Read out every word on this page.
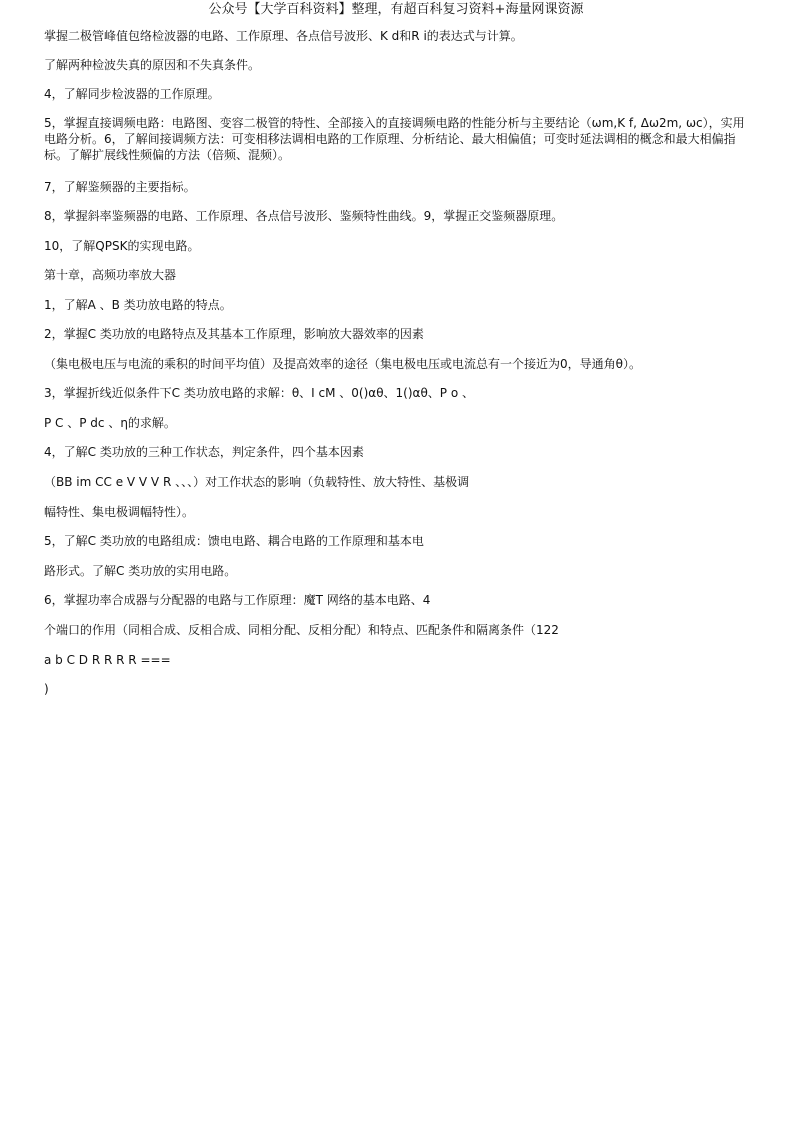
公众号【大学百科资料】整理，有超百科复习资料+海量网课资源
掌握二极管峰值包络检波器的电路、工作原理、各点信号波形、K d和R i的表达式与计算。
了解两种检波失真的原因和不失真条件。
4，了解同步检波器的工作原理。
5，掌握直接调频电路：电路图、变容二极管的特性、全部接入的直接调频电路的性能分析与主要结论（ωm,K f, Δω2m, ωc），实用电路分析。6，了解间接调频方法：可变相移法调相电路的工作原理、分析结论、最大相偏值；可变时延法调相的概念和最大相偏指标。了解扩展线性频偏的方法（倍频、混频）。
7，了解鉴频器的主要指标。
8，掌握斜率鉴频器的电路、工作原理、各点信号波形、鉴频特性曲线。9，掌握正交鉴频器原理。
10，了解QPSK的实现电路。
第十章，高频功率放大器
1，了解A 、B 类功放电路的特点。
2，掌握C 类功放的电路特点及其基本工作原理，影响放大器效率的因素
（集电极电压与电流的乘积的时间平均值）及提高效率的途径（集电极电压或电流总有一个接近为0，导通角θ）。
3，掌握折线近似条件下C 类功放电路的求解：θ、I cM 、0()αθ、1()αθ、P o 、
P C 、P dc 、η的求解。
4，了解C 类功放的三种工作状态，判定条件，四个基本因素
（BB im CC e V V V R 、、、）对工作状态的影响（负载特性、放大特性、基极调
幅特性、集电极调幅特性）。
5，了解C 类功放的电路组成：馈电电路、耦合电路的工作原理和基本电
路形式。了解C 类功放的实用电路。
6，掌握功率合成器与分配器的电路与工作原理：魔T 网络的基本电路、4
个端口的作用（同相合成、反相合成、同相分配、反相分配）和特点、匹配条件和隔离条件（122
a b C D R R R R ===
)
